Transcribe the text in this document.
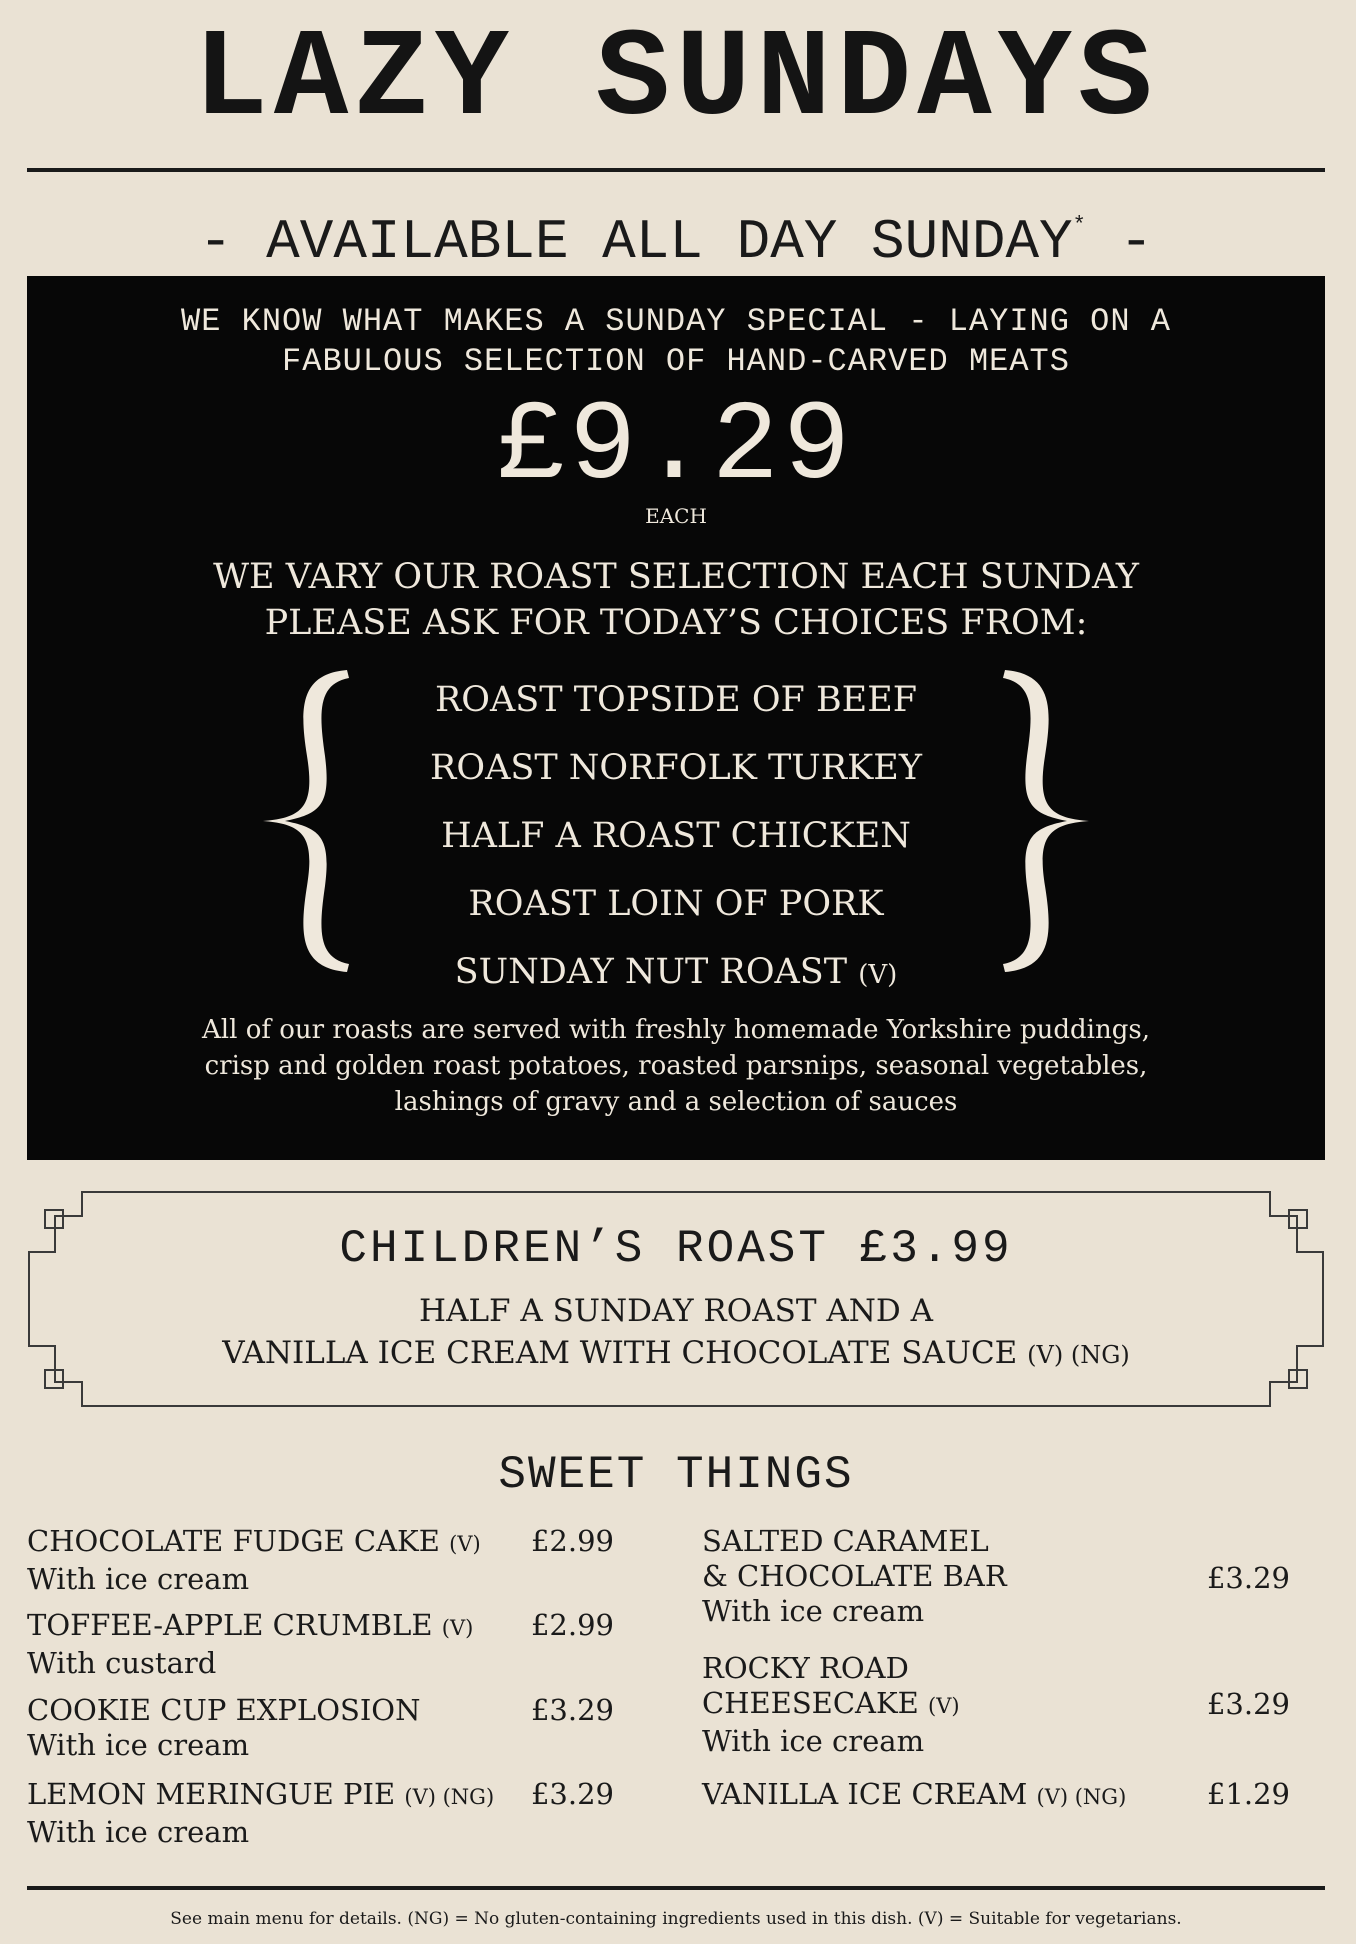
LAZY SUNDAYS
- AVAILABLE ALL DAY SUNDAY* -
WE KNOW WHAT MAKES A SUNDAY SPECIAL - LAYING ON A
FABULOUS SELECTION OF HAND-CARVED MEATS
£9.29
EACH
WE VARY OUR ROAST SELECTION EACH SUNDAY
PLEASE ASK FOR TODAY’S CHOICES FROM:
ROAST TOPSIDE OF BEEF
ROAST NORFOLK TURKEY
HALF A ROAST CHICKEN
ROAST LOIN OF PORK
SUNDAY NUT ROAST (V)
All of our roasts are served with freshly homemade Yorkshire puddings,
crisp and golden roast potatoes, roasted parsnips, seasonal vegetables,
lashings of gravy and a selection of sauces
CHILDREN’S ROAST £3.99
HALF A SUNDAY ROAST AND A
VANILLA ICE CREAM WITH CHOCOLATE SAUCE (V) (NG)
SWEET THINGS
CHOCOLATE FUDGE CAKE (V)
With ice cream
£2.99
TOFFEE-APPLE CRUMBLE (V)
With custard
£2.99
COOKIE CUP EXPLOSION
With ice cream
£3.29
LEMON MERINGUE PIE (V) (NG)
With ice cream
£3.29
SALTED CARAMEL
& CHOCOLATE BAR
With ice cream
£3.29
ROCKY ROAD
CHEESECAKE (V)
With ice cream
£3.29
VANILLA ICE CREAM (V) (NG)	£1.29
See main menu for details. (NG) = No gluten-containing ingredients used in this dish. (V) = Suitable for vegetarians.
